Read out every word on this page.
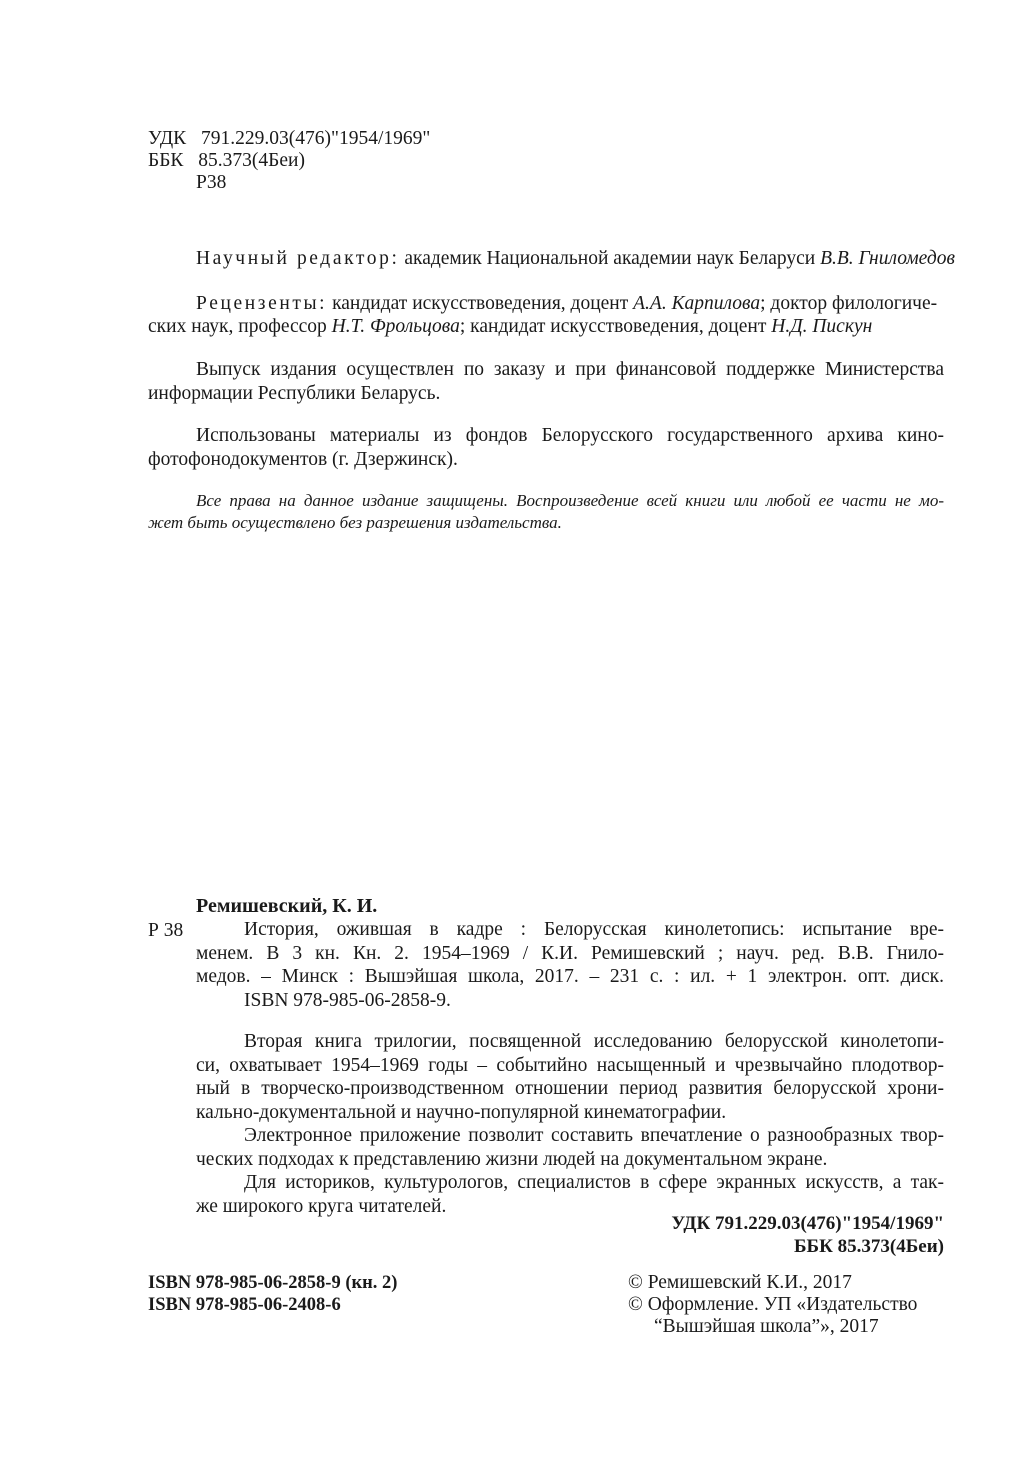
УДК 791.229.03(476)"1954/1969"
ББК 85.373(4Беи)
Р38
Научный редактор: академик Национальной академии наук Беларуси В.В. Гниломедов
Рецензенты: кандидат искусствоведения, доцент А.А. Карпилова; доктор филологиче-
ских наук, профессор Н.Т. Фрольцова; кандидат искусствоведения, доцент Н.Д. Пискун
Выпуск издания осуществлен по заказу и при финансовой поддержке Министерства
информации Республики Беларусь.
Использованы материалы из фондов Белорусского государственного архива кино-
фотофонодокументов (г. Дзержинск).
Все права на данное издание защищены. Воспроизведение всей книги или любой ее части не мо-
жет быть осуществлено без разрешения издательства.
Ремишевский, К. И.
Р 38	История, ожившая в кадре : Белорусская кинолетопись: испытание вре-
менем. В 3 кн. Кн. 2. 1954–1969 / К.И. Ремишевский ; науч. ред. В.В. Гнило-
медов. – Минск : Вышэйшая школа, 2017. – 231 с. : ил. + 1 электрон. опт. диск.
ISBN 978-985-06-2858-9.
Вторая книга трилогии, посвященной исследованию белорусской кинолетопи-
си, охватывает 1954–1969 годы – событийно насыщенный и чрезвычайно плодотвор-
ный в творческо-производственном отношении период развития белорусской хрони-
кально-документальной и научно-популярной кинематографии.
Электронное приложение позволит составить впечатление о разнообразных твор-
ческих подходах к представлению жизни людей на документальном экране.
Для историков, культурологов, специалистов в сфере экранных искусств, а так-
же широкого круга читателей.
УДК 791.229.03(476)"1954/1969"
ББК 85.373(4Беи)
ISBN 978-985-06-2858-9 (кн. 2)
ISBN 978-985-06-2408-6
© Ремишевский К.И., 2017
© Оформление. УП «Издательство
“Вышэйшая школа”», 2017
